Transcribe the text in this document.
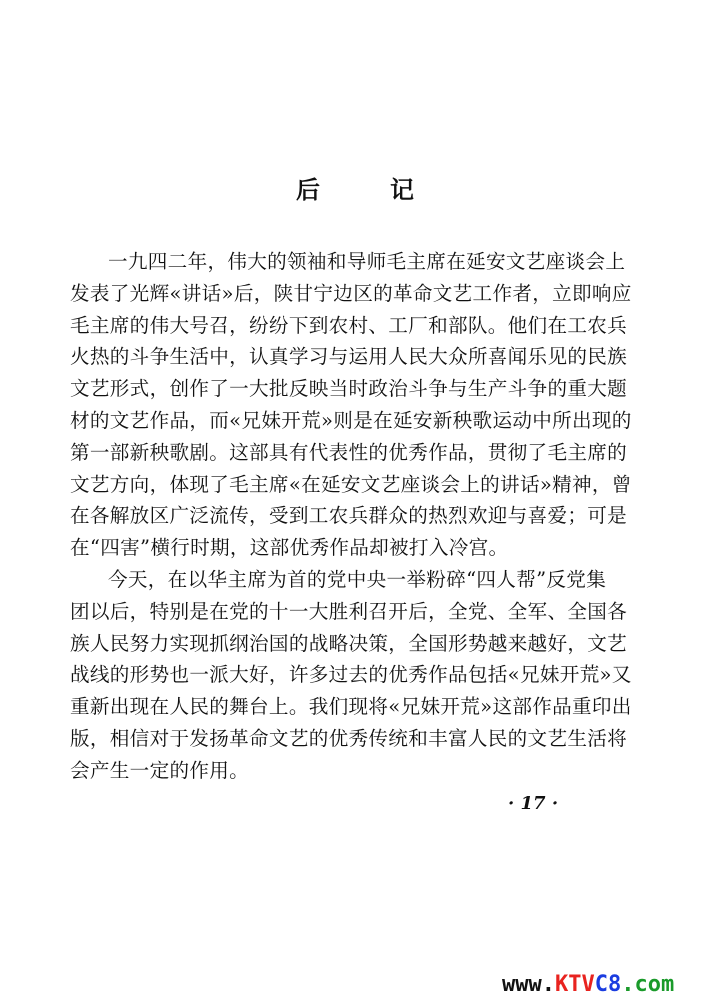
后	记
一九四二年，伟大的领袖和导师毛主席在延安文艺座谈会上
发表了光辉«讲话»后，陕甘宁边区的革命文艺工作者，立即响应
毛主席的伟大号召，纷纷下到农村、工厂和部队。他们在工农兵
火热的斗争生活中，认真学习与运用人民大众所喜闻乐见的民族
文艺形式，创作了一大批反映当时政治斗争与生产斗争的重大题
材的文艺作品，而«兄妹开荒»则是在延安新秧歌运动中所出现的
第一部新秧歌剧。这部具有代表性的优秀作品，贯彻了毛主席的
文艺方向，体现了毛主席«在延安文艺座谈会上的讲话»精神，曾
在各解放区广泛流传，受到工农兵群众的热烈欢迎与喜爱；可是
在“四害”横行时期，这部优秀作品却被打入冷宫。
今天，在以华主席为首的党中央一举粉碎“四人帮”反党集
团以后，特别是在党的十一大胜利召开后，全党、全军、全国各
族人民努力实现抓纲治国的战略决策，全国形势越来越好，文艺
战线的形势也一派大好，许多过去的优秀作品包括«兄妹开荒»又
重新出现在人民的舞台上。我们现将«兄妹开荒»这部作品重印出
版，相信对于发扬革命文艺的优秀传统和丰富人民的文艺生活将
会产生一定的作用。
· 17 ·
www.KTVC8.com
